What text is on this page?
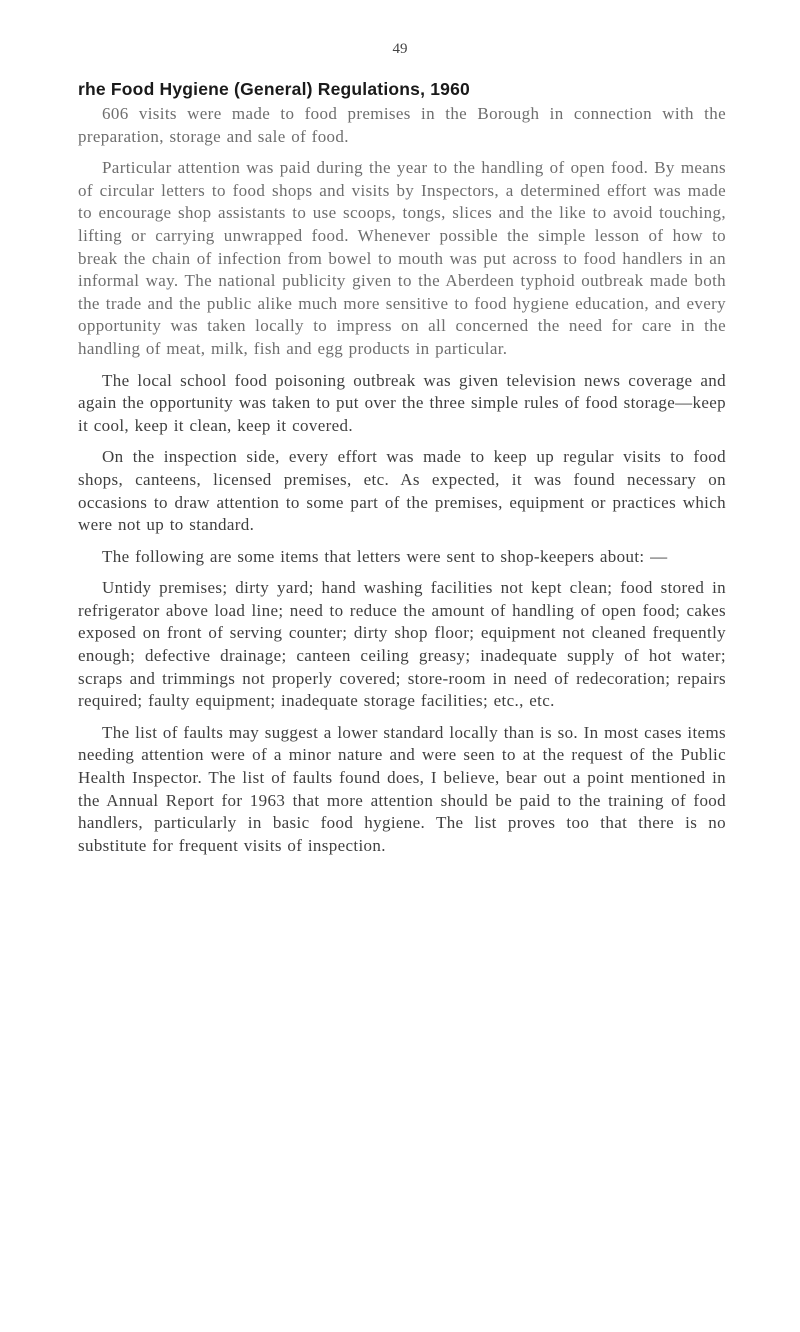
49
rhe Food Hygiene (General) Regulations, 1960

606 visits were made to food premises in the Borough in connection with the preparation, storage and sale of food.

Particular attention was paid during the year to the handling of open food. By means of circular letters to food shops and visits by Inspectors, a determined effort was made to encourage shop assistants to use scoops, tongs, slices and the like to avoid touching, lifting or carrying unwrapped food. Whenever possible the simple lesson of how to break the chain of infection from bowel to mouth was put across to food handlers in an informal way. The national publicity given to the Aberdeen typhoid outbreak made both the trade and the public alike much more sensitive to food hygiene education, and every opportunity was taken locally to impress on all concerned the need for care in the handling of meat, milk, fish and egg products in particular.

The local school food poisoning outbreak was given television news coverage and again the opportunity was taken to put over the three simple rules of food storage—keep it cool, keep it clean, keep it covered.

On the inspection side, every effort was made to keep up regular visits to food shops, canteens, licensed premises, etc. As expected, it was found necessary on occasions to draw attention to some part of the premises, equipment or practices which were not up to standard.

The following are some items that letters were sent to shop-keepers about: —

Untidy premises; dirty yard; hand washing facilities not kept clean; food stored in refrigerator above load line; need to reduce the amount of handling of open food; cakes exposed on front of serving counter; dirty shop floor; equipment not cleaned frequently enough; defective drainage; canteen ceiling greasy; inadequate supply of hot water; scraps and trimmings not properly covered; store-room in need of redecoration; repairs required; faulty equipment; inadequate storage facilities; etc., etc.

The list of faults may suggest a lower standard locally than is so. In most cases items needing attention were of a minor nature and were seen to at the request of the Public Health Inspector. The list of faults found does, I believe, bear out a point mentioned in the Annual Report for 1963 that more attention should be paid to the training of food handlers, particularly in basic food hygiene. The list proves too that there is no substitute for frequent visits of inspection.
